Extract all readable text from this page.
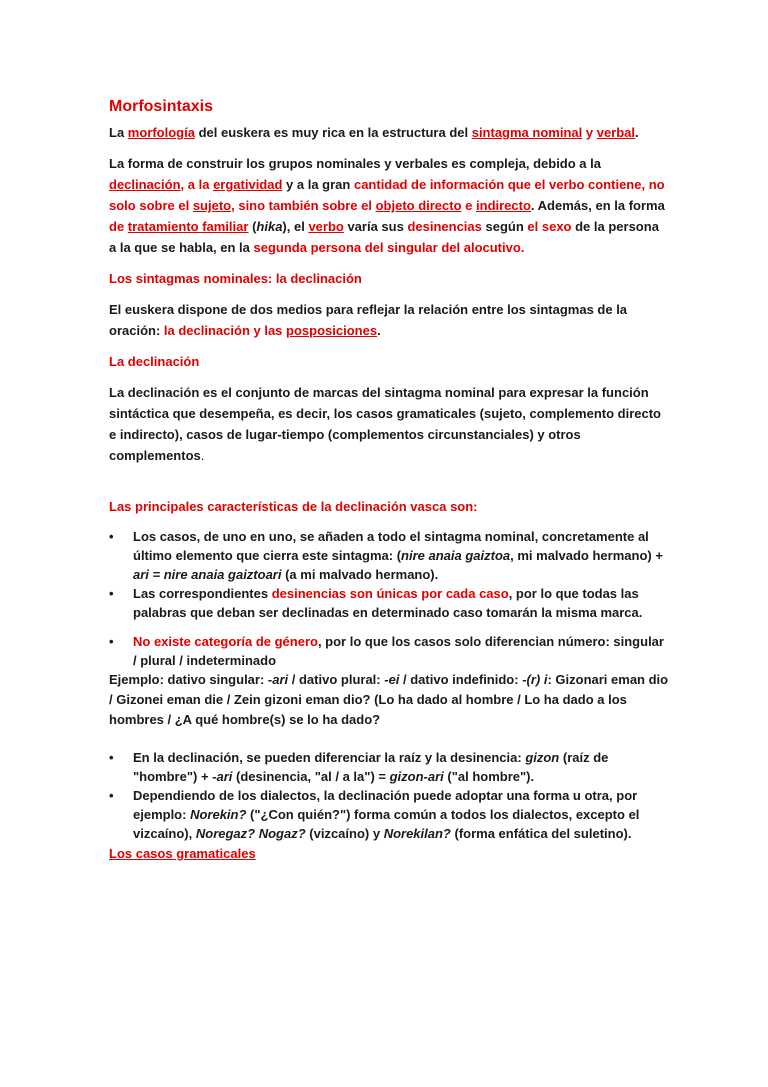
Morfosintaxis

La morfología del euskera es muy rica en la estructura del sintagma nominal y verbal.

La forma de construir los grupos nominales y verbales es compleja, debido a la declinación, a la ergatividad y a la gran cantidad de información que el verbo contiene, no solo sobre el sujeto, sino también sobre el objeto directo e indirecto. Además, en la forma de tratamiento familiar (hika), el verbo varía sus desinencias según el sexo de la persona a la que se habla, en la segunda persona del singular del alocutivo.

Los sintagmas nominales: la declinación

El euskera dispone de dos medios para reflejar la relación entre los sintagmas de la oración: la declinación y las posposiciones.

La declinación

La declinación es el conjunto de marcas del sintagma nominal para expresar la función sintáctica que desempeña, es decir, los casos gramaticales (sujeto, complemento directo e indirecto), casos de lugar-tiempo (complementos circunstanciales) y otros complementos.

Las principales características de la declinación vasca son:
• Los casos, de uno en uno, se añaden a todo el sintagma nominal, concretamente al último elemento que cierra este sintagma: (nire anaia gaiztoa, mi malvado hermano) + ari = nire anaia gaiztoari (a mi malvado hermano).
• Las correspondientes desinencias son únicas por cada caso, por lo que todas las palabras que deban ser declinadas en determinado caso tomarán la misma marca.
• No existe categoría de género, por lo que los casos solo diferencian número: singular / plural / indeterminado

Ejemplo: dativo singular: -ari / dativo plural: -ei / dativo indefinido: -(r) i: Gizonari eman dio / Gizonei eman die / Zein gizoni eman dio? (Lo ha dado al hombre / Lo ha dado a los hombres / ¿A qué hombre(s) se lo ha dado?

• En la declinación, se pueden diferenciar la raíz y la desinencia: gizon (raíz de "hombre") + -ari (desinencia, "al / a la") = gizon-ari ("al hombre").
• Dependiendo de los dialectos, la declinación puede adoptar una forma u otra, por ejemplo: Norekin? ("¿Con quién?") forma común a todos los dialectos, excepto el vizcaíno), Noregaz? Nogaz? (vizcaíno) y Norekilan? (forma enfática del suletino).
Los casos gramaticales
